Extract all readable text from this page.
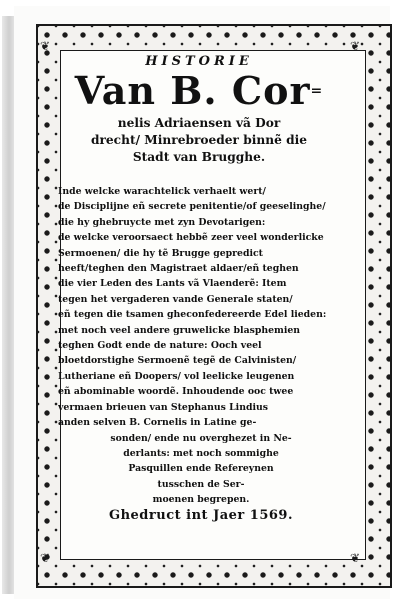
HISTORIE
Van B. Cor=
nelis Adriaensen vã Dor
drecht/ Minrebroeder binnẽ die
Stadt van Brugghe.
Inde welcke warachtelick verhaelt wert/
de Disciplijne eñ secrete penitentie/of geeselinghe/
die hy ghebruycte met zyn Devotarigen:
de welcke veroorsaect hebbẽ zeer veel wonderlicke
Sermoenen/ die hy tẽ Brugge gepredict
heeft/teghen den Magistraet aldaer/eñ teghen
die vier Leden des Lants vã Vlaenderẽ: Item
tegen het vergaderen vande Generale staten/
eñ tegen die tsamen gheconfedereerde Edel lieden:
met noch veel andere gruwelicke blasphemien
teghen Godt ende de nature: Ooch veel
bloetdorstighe Sermoenẽ tegẽ de Calvinisten/
Lutheriane eñ Doopers/ vol leelicke leugenen
eñ abominable woordẽ. Inhoudende ooc twee
vermaen brieuen van Stephanus Lindius
anden selven B. Cornelis in Latine ge-
sonden/ ende nu overghezet in Ne-
derlants: met noch sommighe
Pasquillen ende Refereynen
tusschen de Ser-
moenen begrepen.
Ghedruct int Jaer 1569.
❦	❦
❦	❦
